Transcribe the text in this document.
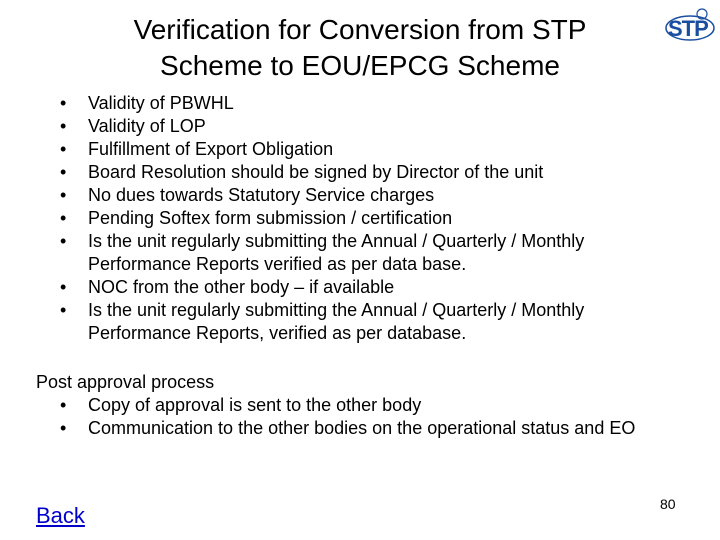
Verification for Conversion from STP
Scheme to EOU/EPCG Scheme
STP
• Validity of PBWHL
• Validity of LOP
• Fulfillment of Export Obligation
• Board Resolution should be signed by Director of the unit
• No dues towards Statutory Service charges
• Pending Softex form submission / certification
• Is the unit regularly submitting the Annual / Quarterly / Monthly Performance Reports verified as per data base.
• NOC from the other body – if available
• Is the unit regularly submitting the Annual / Quarterly / Monthly Performance Reports, verified as per database.
Post approval process
• Copy of approval is sent to the other body
• Communication to the other bodies on the operational status and EO
Back	80
